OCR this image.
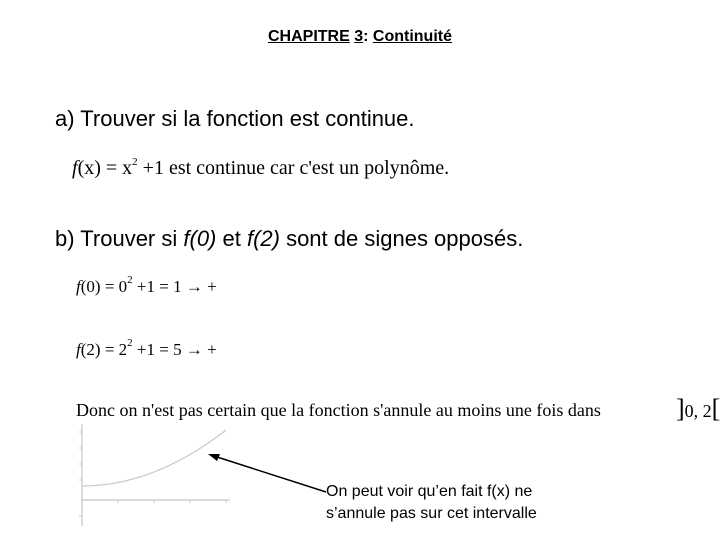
CHAPITRE 3: Continuité
a) Trouver si la fonction est continue.
$f(x) = x^2 +1$ est continue car c'est un polynôme.
b) Trouver si f(0) et f(2) sont de signes opposés.
$f(0) = 0^2 +1 = 1$ → +
$f(2) = 2^2 +1 = 5$ → +
Donc on n'est pas certain que la fonction s'annule au moins une fois dans	]0, 2[
On peut voir qu’en fait f(x) ne
s’annule pas sur cet intervalle
